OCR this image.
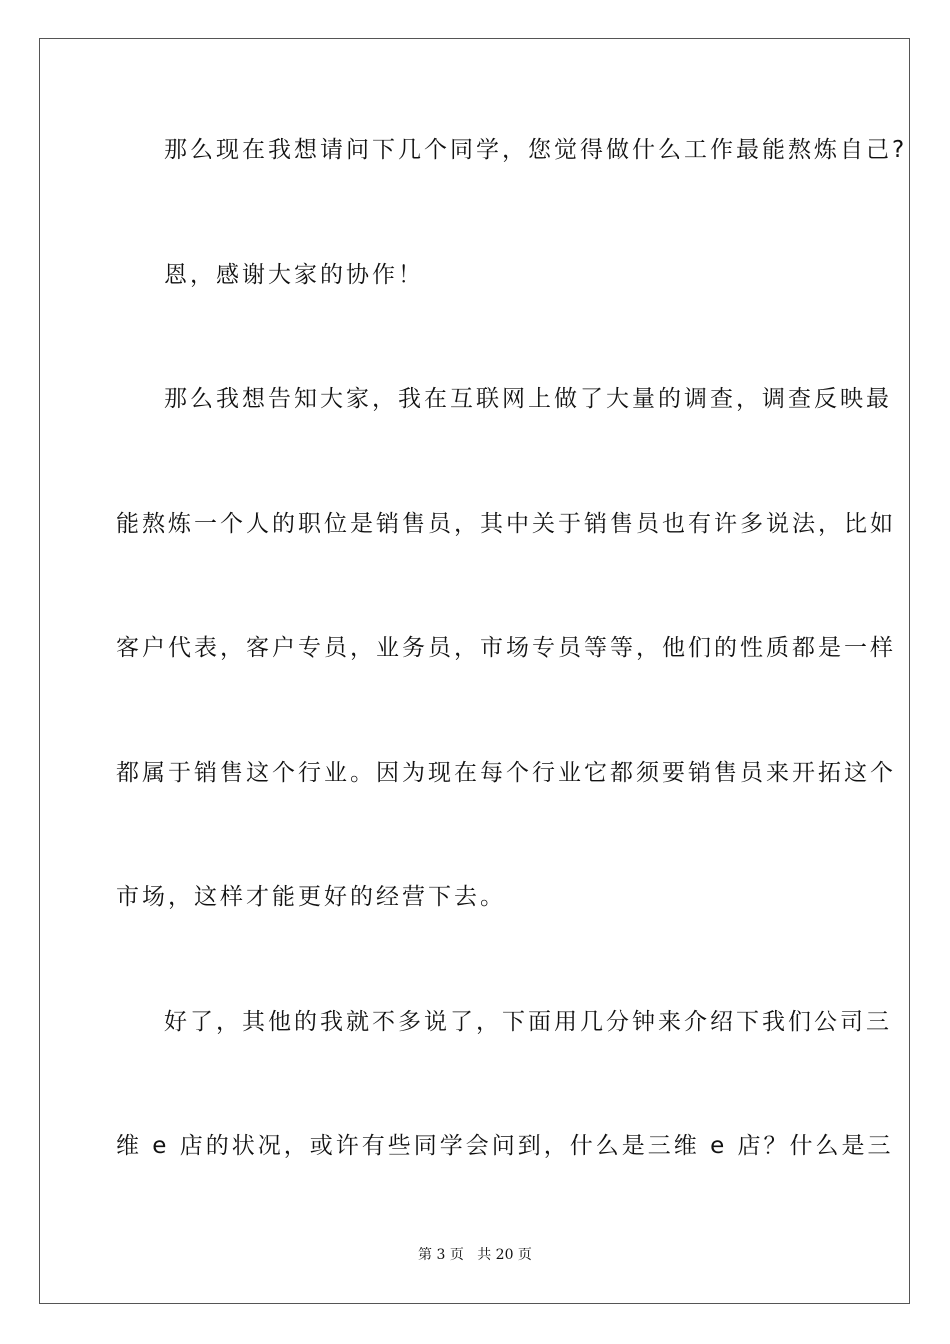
那么现在我想请问下几个同学，您觉得做什么工作最能熬炼自己?
恩，感谢大家的协作！
那么我想告知大家，我在互联网上做了大量的调查，调查反映最
能熬炼一个人的职位是销售员，其中关于销售员也有许多说法，比如
客户代表，客户专员，业务员，市场专员等等，他们的性质都是一样
都属于销售这个行业。因为现在每个行业它都须要销售员来开拓这个
市场，这样才能更好的经营下去。
好了，其他的我就不多说了，下面用几分钟来介绍下我们公司三
维 e 店的状况，或许有些同学会问到，什么是三维 e 店？什么是三
第 3 页 共 20 页
